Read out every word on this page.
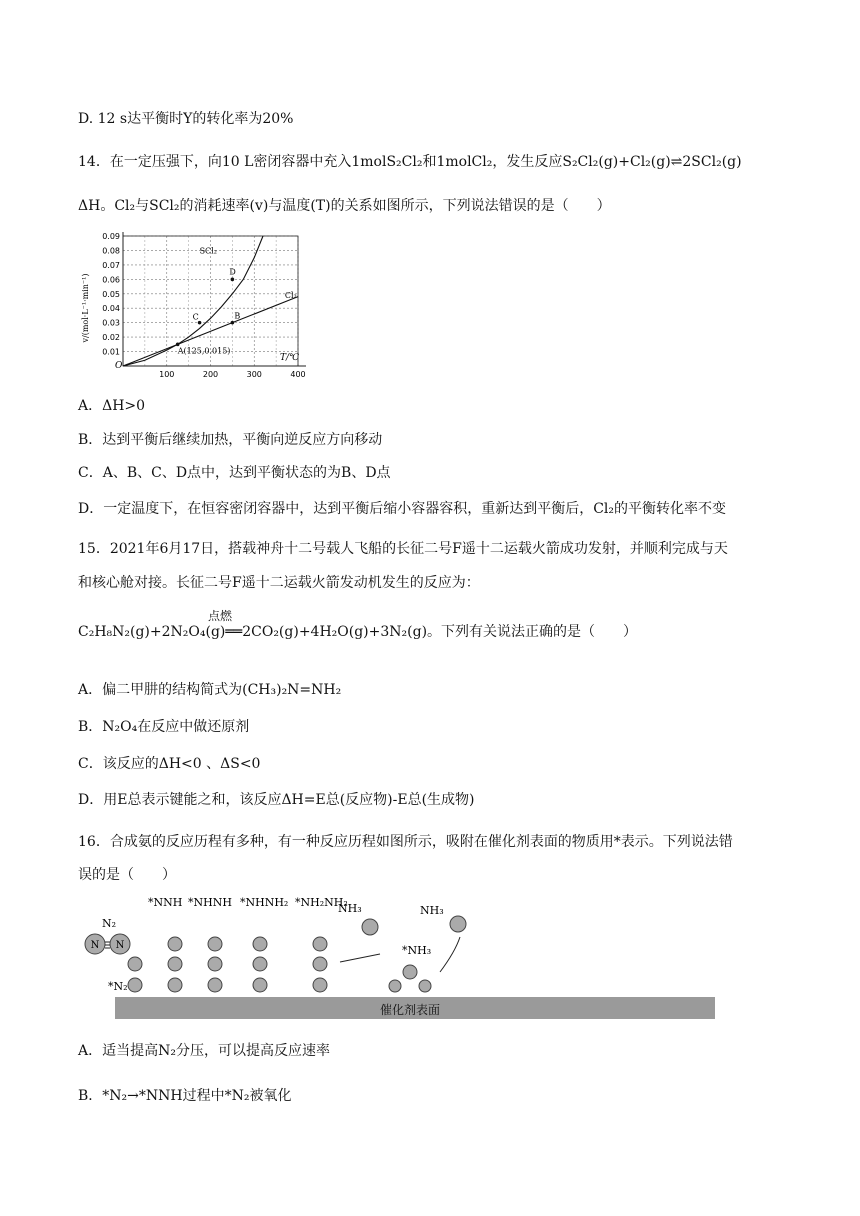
D. 12 s达平衡时Y的转化率为20%
14．在一定压强下，向10 L密闭容器中充入1molS₂Cl₂和1molCl₂，发生反应S₂Cl₂(g)+Cl₂(g)⇌2SCl₂(g)
ΔH。Cl₂与SCl₂的消耗速率(v)与温度(T)的关系如图所示，下列说法错误的是（　　）
0.01
0.02
0.03
0.04
0.05
0.06
0.07
0.08
0.09
100	200	300	400
O
T/℃
v/(mol·L⁻¹·min⁻¹)
SCl₂
Cl₂
A(125,0.015)
B
C
D
A．ΔH>0
B．达到平衡后继续加热，平衡向逆反应方向移动
C．A、B、C、D点中，达到平衡状态的为B、D点
D．一定温度下，在恒容密闭容器中，达到平衡后缩小容器容积，重新达到平衡后，Cl₂的平衡转化率不变
15．2021年6月17日，搭载神舟十二号载人飞船的长征二号F遥十二运载火箭成功发射，并顺利完成与天
和核心舱对接。长征二号F遥十二运载火箭发动机发生的反应为：
点燃
C₂H₈N₂(g)+2N₂O₄(g)══2CO₂(g)+4H₂O(g)+3N₂(g)。下列有关说法正确的是（　　）
A．偏二甲肼的结构简式为(CH₃)₂N=NH₂
B．N₂O₄在反应中做还原剂
C．该反应的ΔH<0 、ΔS<0
D．用E总表示键能之和，该反应ΔH=E总(反应物)-E总(生成物)
16．合成氨的反应历程有多种，有一种反应历程如图所示，吸附在催化剂表面的物质用*表示。下列说法错
误的是（　　）
催化剂表面
N N
N₂
*N₂
*NNH *NHNH *NHNH₂ *NH₂NH₂
NH₃
*NH₃
NH₃
A．适当提高N₂分压，可以提高反应速率
B．*N₂→*NNH过程中*N₂被氧化
